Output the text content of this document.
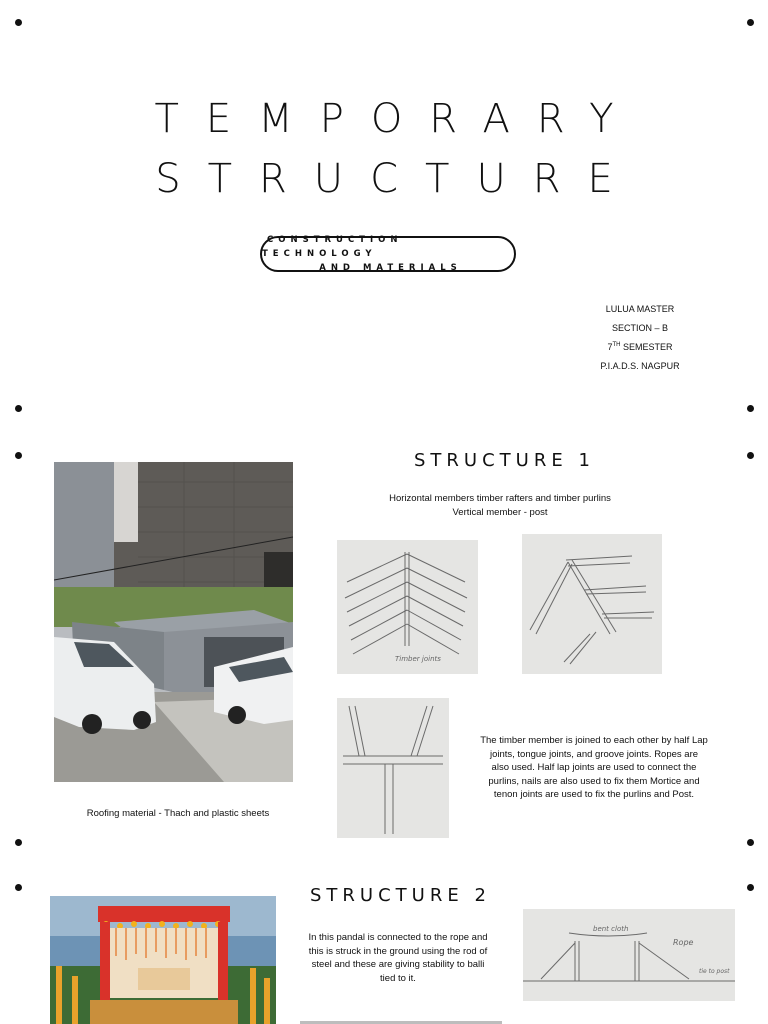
TEMPORARY
STRUCTURE
CONSTRUCTION TECHNOLOGY
AND MATERIALS
LULUA MASTER
SECTION – B
7TH SEMESTER
P.I.A.D.S. NAGPUR
STRUCTURE 1
Horizontal members timber rafters and timber purlins
Vertical member - post
Roofing material - Thach and plastic sheets
Timber joints
The timber member is joined to each other by half Lap joints, tongue joints, and groove joints. Ropes are also used. Half lap joints are used to connect the purlins, nails are also used to fix them Mortice and tenon joints are used to fix the purlins and Post.
STRUCTURE 2
In this pandal is connected to the rope and this is struck in the ground using the rod of steel and these are giving stability to balli tied to it.
bent cloth
Rope
tie to post
